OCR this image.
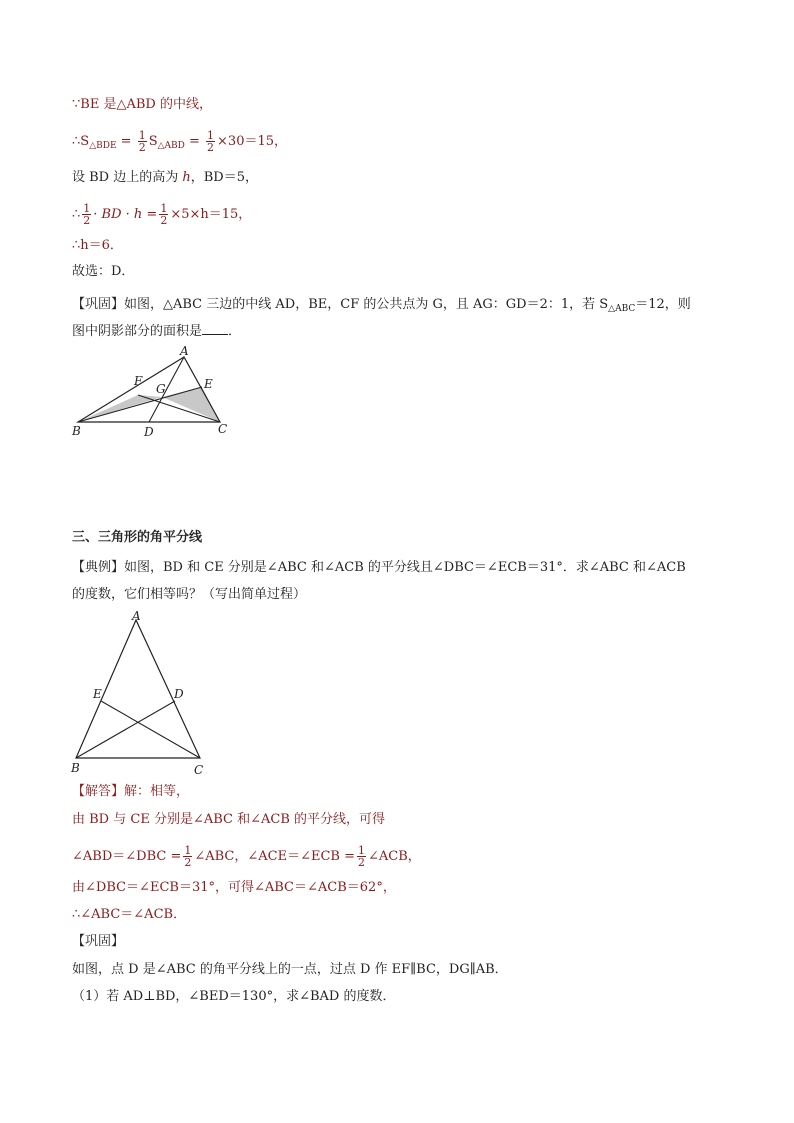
∵BE 是△ABD 的中线，
$\therefore S_{\triangle BDE} = \frac{1}{2} S_{\triangle ABD} = \frac{1}{2} \times 30=15$，
设 BD 边上的高为 h，BD＝5，
∴ $\frac{1}{2}$ · BD · $h = \frac{1}{2} \times 5\times h=15$，
∴h＝6．
故选：D．
【巩固】如图，△ABC 三边的中线 AD，BE，CF 的公共点为 G，且 AG：GD＝2：1，若 $S_{\triangle ABC}=12$，则
图中阴影部分的面积是 ．
A
B	C
D
E
F
G
三、三角形的角平分线
【典例】如图，BD 和 CE 分别是∠ABC 和∠ACB 的平分线且∠DBC＝∠ECB＝31°．求∠ABC 和∠ACB
的度数，它们相等吗？（写出简单过程）
A
B	C
D
E
【解答】解：相等，
由 BD 与 CE 分别是∠ABC 和∠ACB 的平分线，可得
∠ABD＝∠DBC = $\frac{1}{2}$ ∠ABC，∠ACE＝∠ECB = $\frac{1}{2}$ ∠ACB，
由∠DBC＝∠ECB＝31°，可得∠ABC＝∠ACB＝62°，
∴∠ABC＝∠ACB．
【巩固】
如图，点 D 是∠ABC 的角平分线上的一点，过点 D 作 EF∥BC，DG∥AB．
（1）若 AD⊥BD，∠BED＝130°，求∠BAD 的度数．
